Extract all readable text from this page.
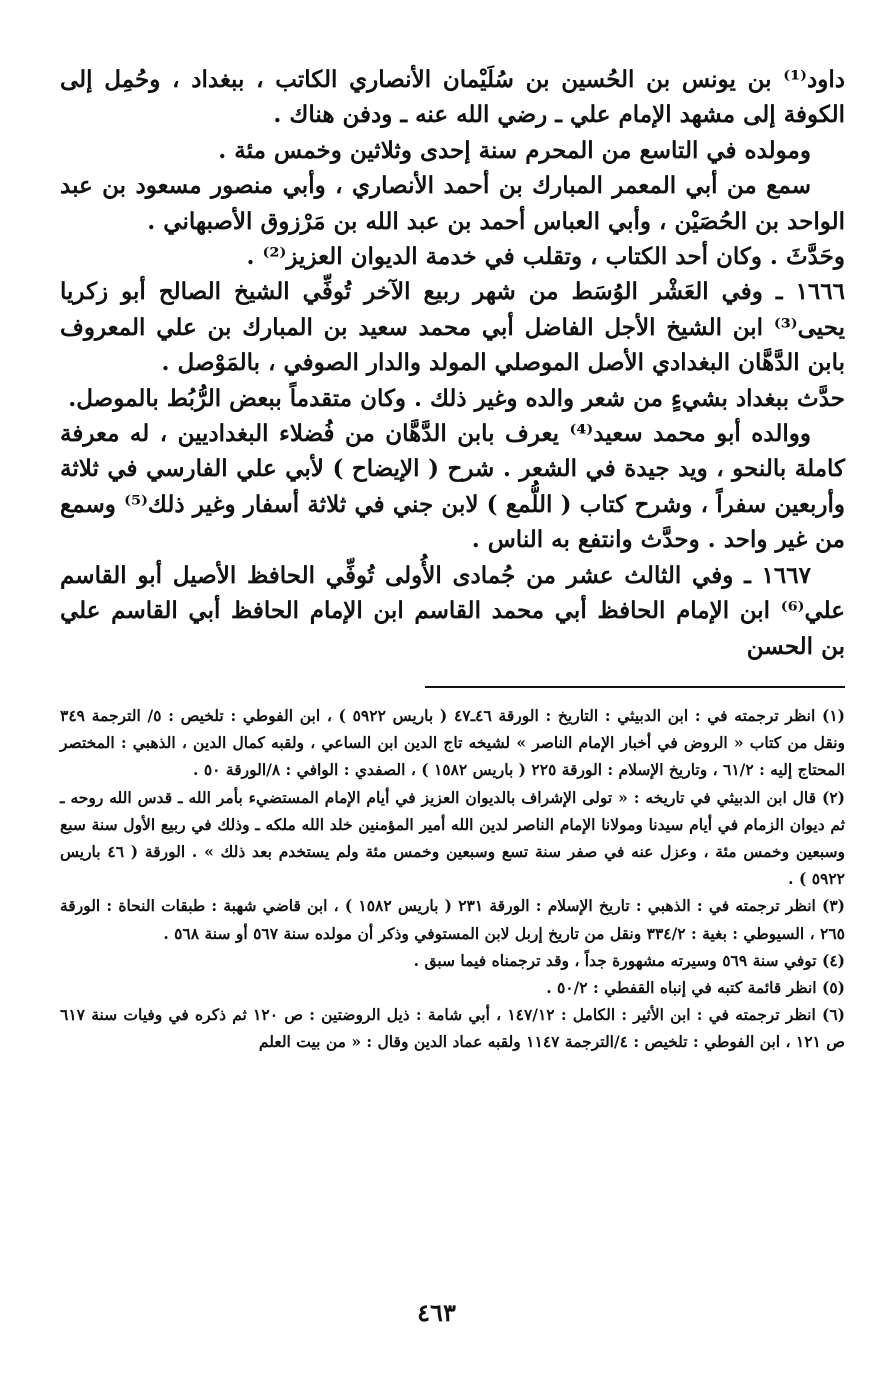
داود⁽¹⁾ بن يونس بن الحُسين بن سُلَيْمان الأنصاري الكاتب ، ببغداد ، وحُمِل إلى الكوفة إلى مشهد الإمام علي ـ رضي الله عنه ـ ودفن هناك .

ومولده في التاسع من المحرم سنة إحدى وثلاثين وخمس مئة .

سمع من أبي المعمر المبارك بن أحمد الأنصاري ، وأبي منصور مسعود بن عبد الواحد بن الحُصَيْن ، وأبي العباس أحمد بن عبد الله بن مَرْزوق الأصبهاني .

وحَدَّثَ . وكان أحد الكتاب ، وتقلب في خدمة الديوان العزيز⁽²⁾ .

١٦٦٦ ـ وفي العَشْر الوُسَط من شهر ربيع الآخر تُوفِّي الشيخ الصالح أبو زكريا يحيى⁽³⁾ ابن الشيخ الأجل الفاضل أبي محمد سعيد بن المبارك بن علي المعروف بابن الدَّهَّان البغدادي الأصل الموصلي المولد والدار الصوفي ، بالمَوْصل .

حدَّث ببغداد بشيءٍ من شعر والده وغير ذلك . وكان متقدماً ببعض الرُّبُط بالموصل.

ووالده أبو محمد سعيد⁽⁴⁾ يعرف بابن الدَّهَّان من فُضلاء البغداديين ، له معرفة كاملة بالنحو ، ويد جيدة في الشعر . شرح ( الإيضاح ) لأبي علي الفارسي في ثلاثة وأربعين سفراً ، وشرح كتاب ( اللُّمع ) لابن جني في ثلاثة أسفار وغير ذلك⁽⁵⁾ وسمع من غير واحد . وحدَّث وانتفع به الناس .

١٦٦٧ ـ وفي الثالث عشر من جُمادى الأُولى تُوفِّي الحافظ الأصيل أبو القاسم علي⁽⁶⁾ ابن الإمام الحافظ أبي محمد القاسم ابن الإمام الحافظ أبي القاسم علي بن الحسن

(١) انظر ترجمته في : ابن الدبيثي : التاريخ : الورقة ٤٦ـ٤٧ ( باريس ٥٩٢٢ ) ، ابن الفوطي : تلخيص : ٥/ الترجمة ٣٤٩ ونقل من كتاب « الروض في أخبار الإمام الناصر » لشيخه تاج الدين ابن الساعي ، ولقبه كمال الدين ، الذهبي : المختصر المحتاج إليه : ٦١/٢ ، وتاريخ الإسلام : الورقة ٢٢٥ ( باريس ١٥٨٢ ) ، الصفدي : الوافي : ٨/الورقة ٥٠ .

(٢) قال ابن الدبيثي في تاريخه : « تولى الإشراف بالديوان العزيز في أيام الإمام المستضيء بأمر الله ـ قدس الله روحه ـ ثم ديوان الزمام في أيام سيدنا ومولانا الإمام الناصر لدين الله أمير المؤمنين خلد الله ملكه ـ وذلك في ربيع الأول سنة سبع وسبعين وخمس مئة ، وعزل عنه في صفر سنة تسع وسبعين وخمس مئة ولم يستخدم بعد ذلك » . الورقة ( ٤٦ باريس ٥٩٢٢ ) .

(٣) انظر ترجمته في : الذهبي : تاريخ الإسلام : الورقة ٢٣١ ( باريس ١٥٨٢ ) ، ابن قاضي شهبة : طبقات النحاة : الورقة ٢٦٥ ، السيوطي : بغية : ٣٣٤/٢ ونقل من تاريخ إربل لابن المستوفي وذكر أن مولده سنة ٥٦٧ أو سنة ٥٦٨ .

(٤) توفي سنة ٥٦٩ وسيرته مشهورة جداً ، وقد ترجمناه فيما سبق .

(٥) انظر قائمة كتبه في إنباه القفطي : ٥٠/٢ .

(٦) انظر ترجمته في : ابن الأثير : الكامل : ١٤٧/١٢ ، أبي شامة : ذيل الروضتين : ص ١٢٠ ثم ذكره في وفيات سنة ٦١٧ ص ١٢١ ، ابن الفوطي : تلخيص : ٤/الترجمة ١١٤٧ ولقبه عماد الدين وقال : « من بيت العلم

٤٦٣
